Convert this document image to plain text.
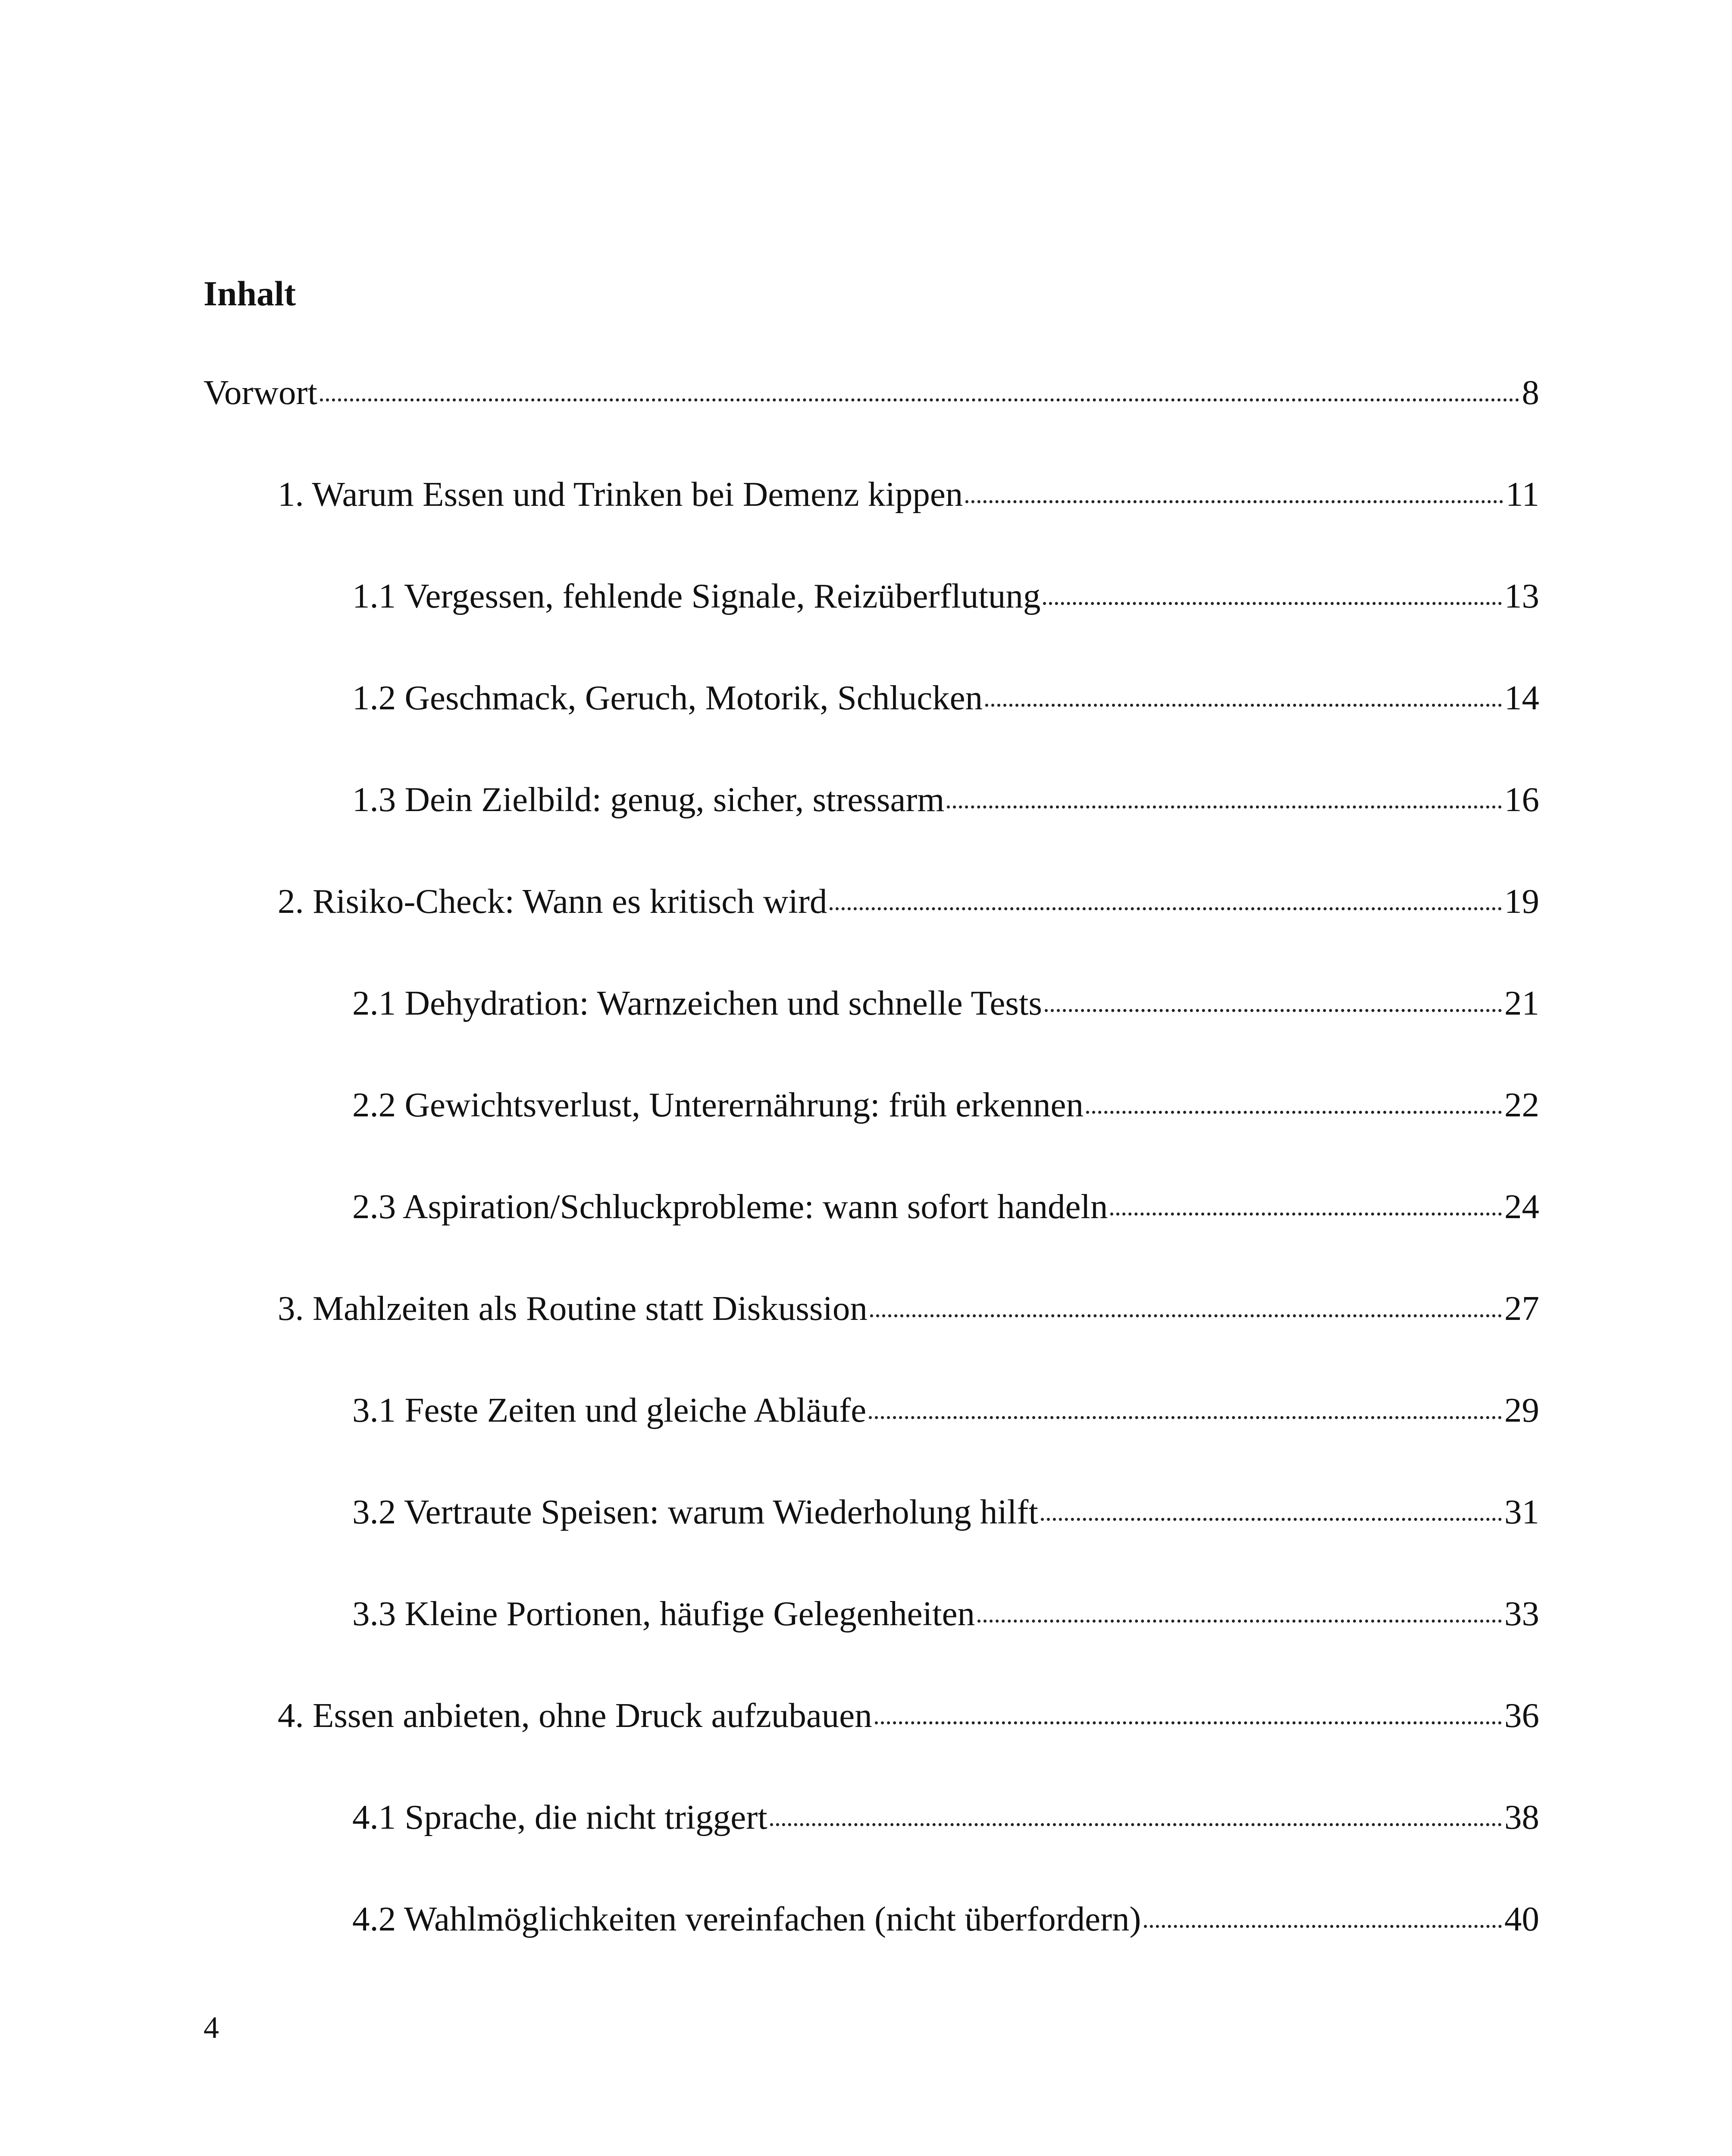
Inhalt
Vorwort	8
1. Warum Essen und Trinken bei Demenz kippen	11
1.1 Vergessen, fehlende Signale, Reizüberflutung	13
1.2 Geschmack, Geruch, Motorik, Schlucken	14
1.3 Dein Zielbild: genug, sicher, stressarm	16
2. Risiko-Check: Wann es kritisch wird	19
2.1 Dehydration: Warnzeichen und schnelle Tests	21
2.2 Gewichtsverlust, Unterernährung: früh erkennen	22
2.3 Aspiration/Schluckprobleme: wann sofort handeln	24
3. Mahlzeiten als Routine statt Diskussion	27
3.1 Feste Zeiten und gleiche Abläufe	29
3.2 Vertraute Speisen: warum Wiederholung hilft	31
3.3 Kleine Portionen, häufige Gelegenheiten	33
4. Essen anbieten, ohne Druck aufzubauen	36
4.1 Sprache, die nicht triggert	38
4.2 Wahlmöglichkeiten vereinfachen (nicht überfordern)	40
4
